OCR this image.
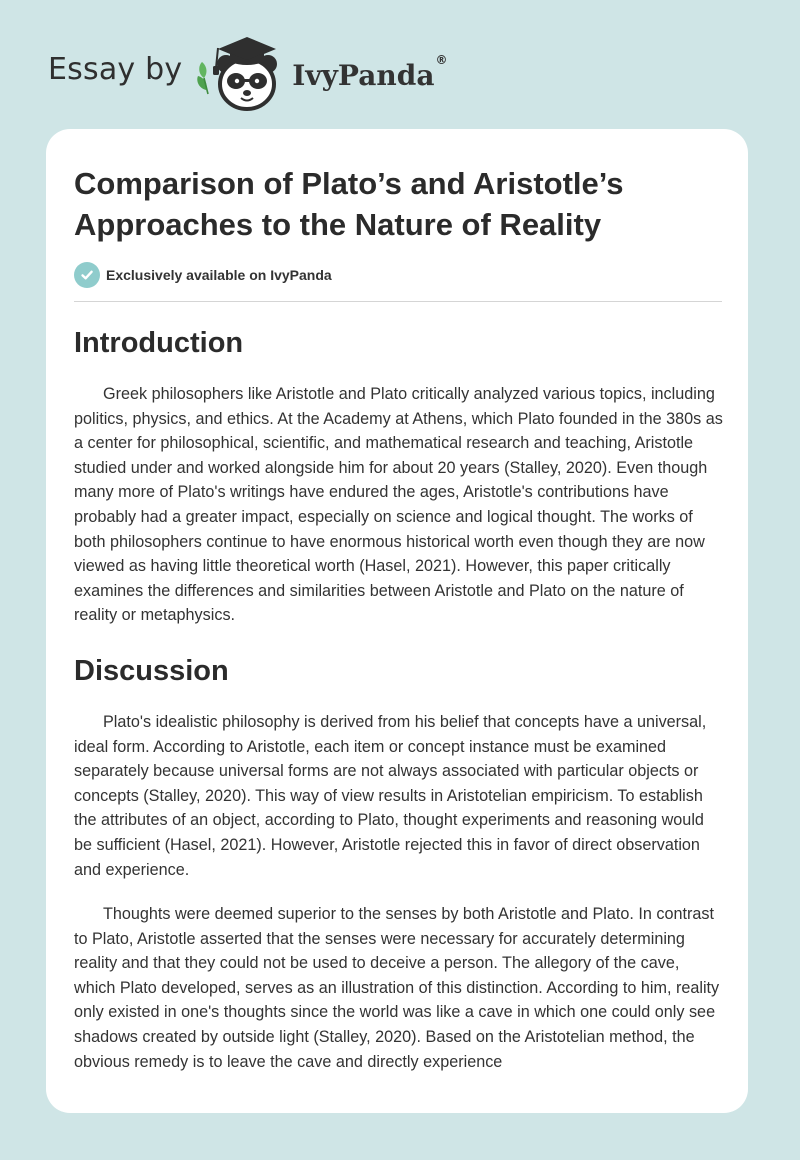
Essay by	IvyPanda®
Comparison of Plato’s and Aristotle’s Approaches to the Nature of Reality
Exclusively available on IvyPanda
Introduction

Greek philosophers like Aristotle and Plato critically analyzed various topics, including politics, physics, and ethics. At the Academy at Athens, which Plato founded in the 380s as a center for philosophical, scientific, and mathematical research and teaching, Aristotle studied under and worked alongside him for about 20 years (Stalley, 2020). Even though many more of Plato's writings have endured the ages, Aristotle's contributions have probably had a greater impact, especially on science and logical thought. The works of both philosophers continue to have enormous historical worth even though they are now viewed as having little theoretical worth (Hasel, 2021). However, this paper critically examines the differences and similarities between Aristotle and Plato on the nature of reality or metaphysics.

Discussion

Plato's idealistic philosophy is derived from his belief that concepts have a universal, ideal form. According to Aristotle, each item or concept instance must be examined separately because universal forms are not always associated with particular objects or concepts (Stalley, 2020). This way of view results in Aristotelian empiricism. To establish the attributes of an object, according to Plato, thought experiments and reasoning would be sufficient (Hasel, 2021). However, Aristotle rejected this in favor of direct observation and experience.

Thoughts were deemed superior to the senses by both Aristotle and Plato. In contrast to Plato, Aristotle asserted that the senses were necessary for accurately determining reality and that they could not be used to deceive a person. The allegory of the cave, which Plato developed, serves as an illustration of this distinction. According to him, reality only existed in one's thoughts since the world was like a cave in which one could only see shadows created by outside light (Stalley, 2020). Based on the Aristotelian method, the obvious remedy is to leave the cave and directly experience
